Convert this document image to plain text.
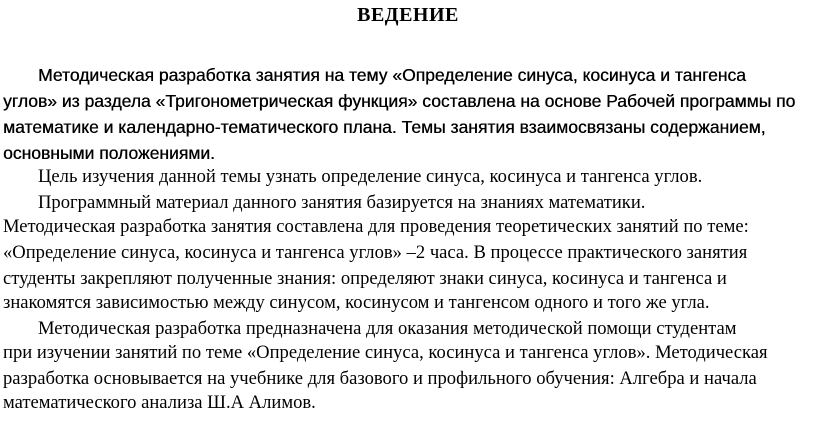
ВЕДЕНИЕ
Методическая разработка занятия на тему «Определение синуса, косинуса и тангенса
углов» из раздела «Тригонометрическая функция» составлена на основе Рабочей программы по
математике и календарно-тематического плана. Темы занятия взаимосвязаны содержанием,
основными положениями.
Цель изучения данной темы узнать определение синуса, косинуса и тангенса углов.
Программный материал данного занятия базируется на знаниях математики.
Методическая разработка занятия составлена для проведения теоретических занятий по теме:
«Определение синуса, косинуса и тангенса углов» –2 часа. В процессе практического занятия
студенты закрепляют полученные знания: определяют знаки синуса, косинуса и тангенса и
знакомятся зависимостью между синусом, косинусом и тангенсом одного и того же угла.
Методическая разработка предназначена для оказания методической помощи студентам
при изучении занятий по теме «Определение синуса, косинуса и тангенса углов». Методическая
разработка основывается на учебнике для базового и профильного обучения: Алгебра и начала
математического анализа Ш.А Алимов.
